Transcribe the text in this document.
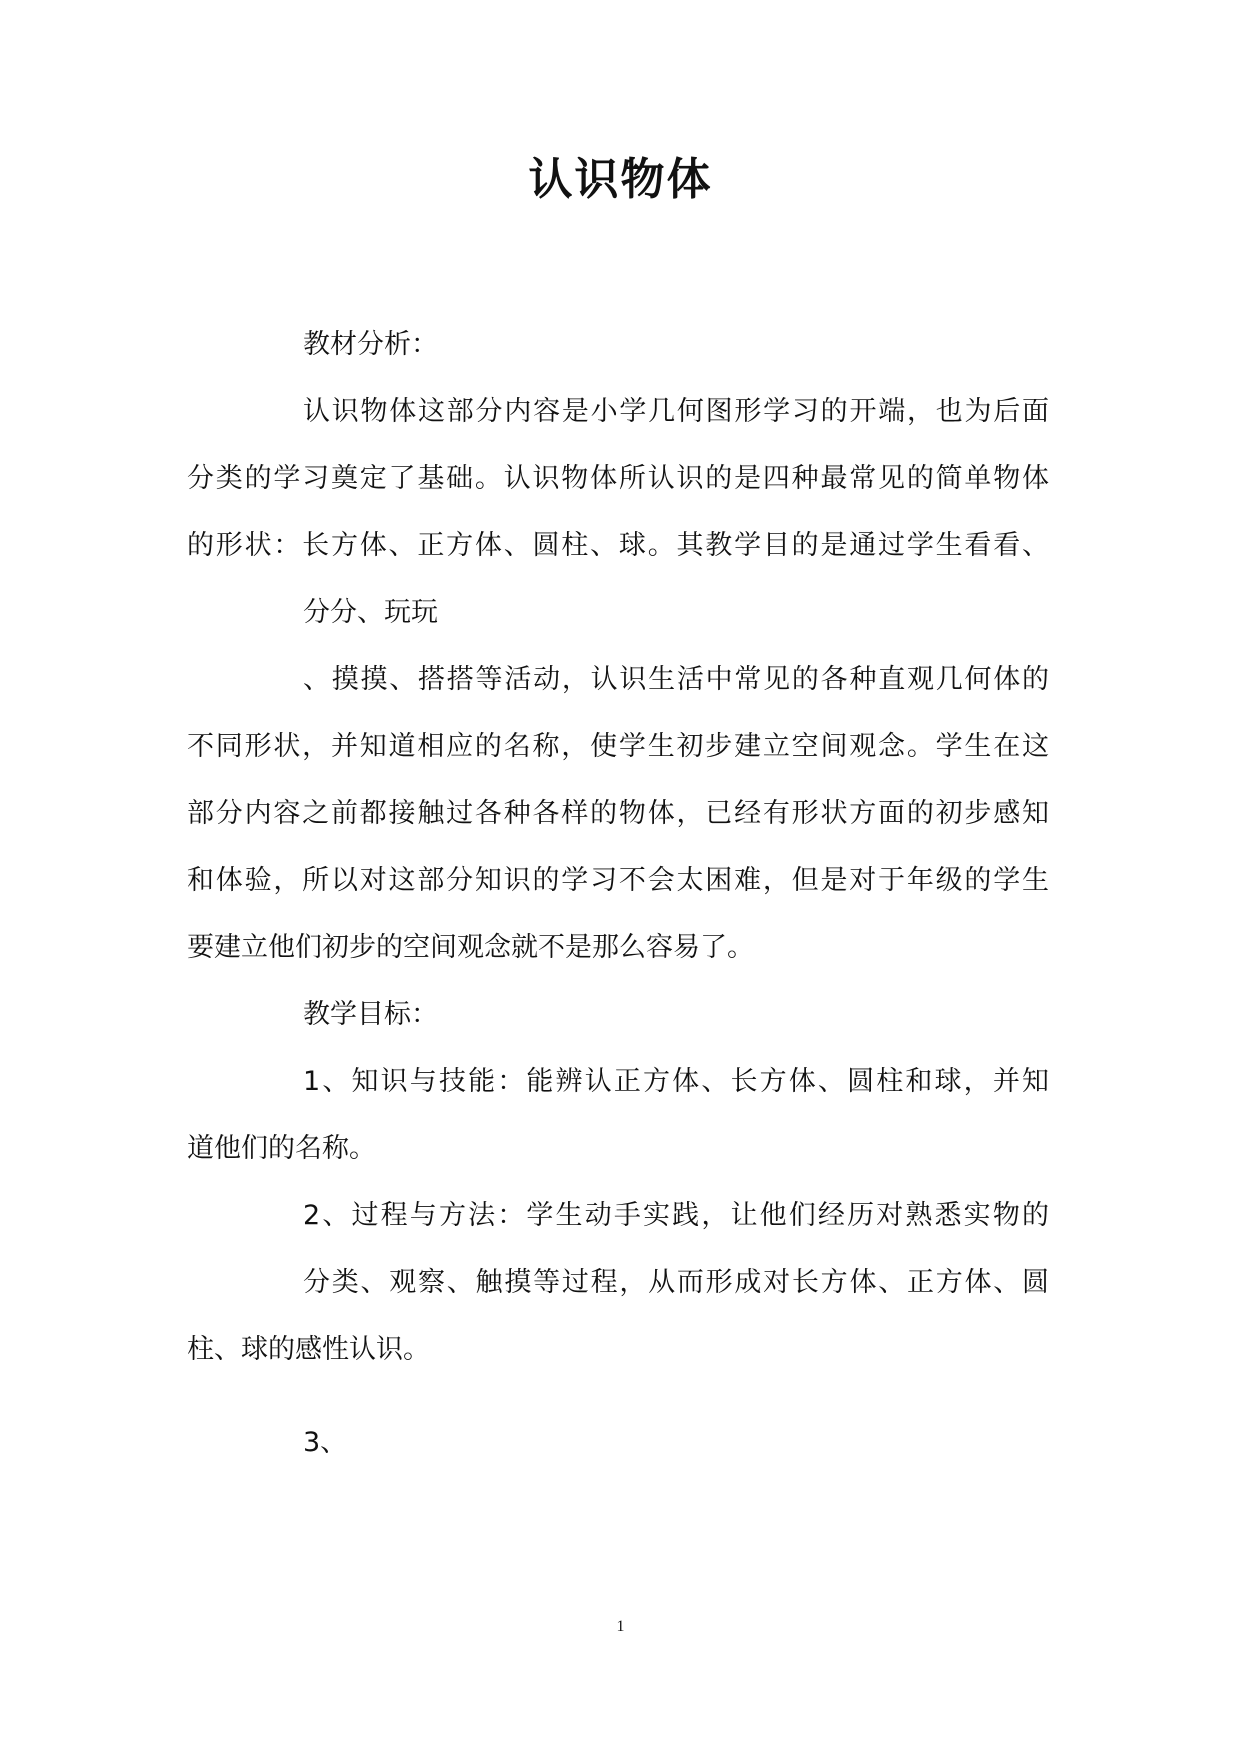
认识物体
教材分析：
认识物体这部分内容是小学几何图形学习的开端，也为后面
分类的学习奠定了基础。认识物体所认识的是四种最常见的简单物体
的形状：长方体、正方体、圆柱、球。其教学目的是通过学生看看、
分分、玩玩
、摸摸、搭搭等活动，认识生活中常见的各种直观几何体的
不同形状，并知道相应的名称，使学生初步建立空间观念。学生在这
部分内容之前都接触过各种各样的物体，已经有形状方面的初步感知
和体验，所以对这部分知识的学习不会太困难，但是对于年级的学生
要建立他们初步的空间观念就不是那么容易了。
教学目标：
1、知识与技能：能辨认正方体、长方体、圆柱和球，并知
道他们的名称。
2、过程与方法：学生动手实践，让他们经历对熟悉实物的
分类、观察、触摸等过程，从而形成对长方体、正方体、圆
柱、球的感性认识。
3、
1
